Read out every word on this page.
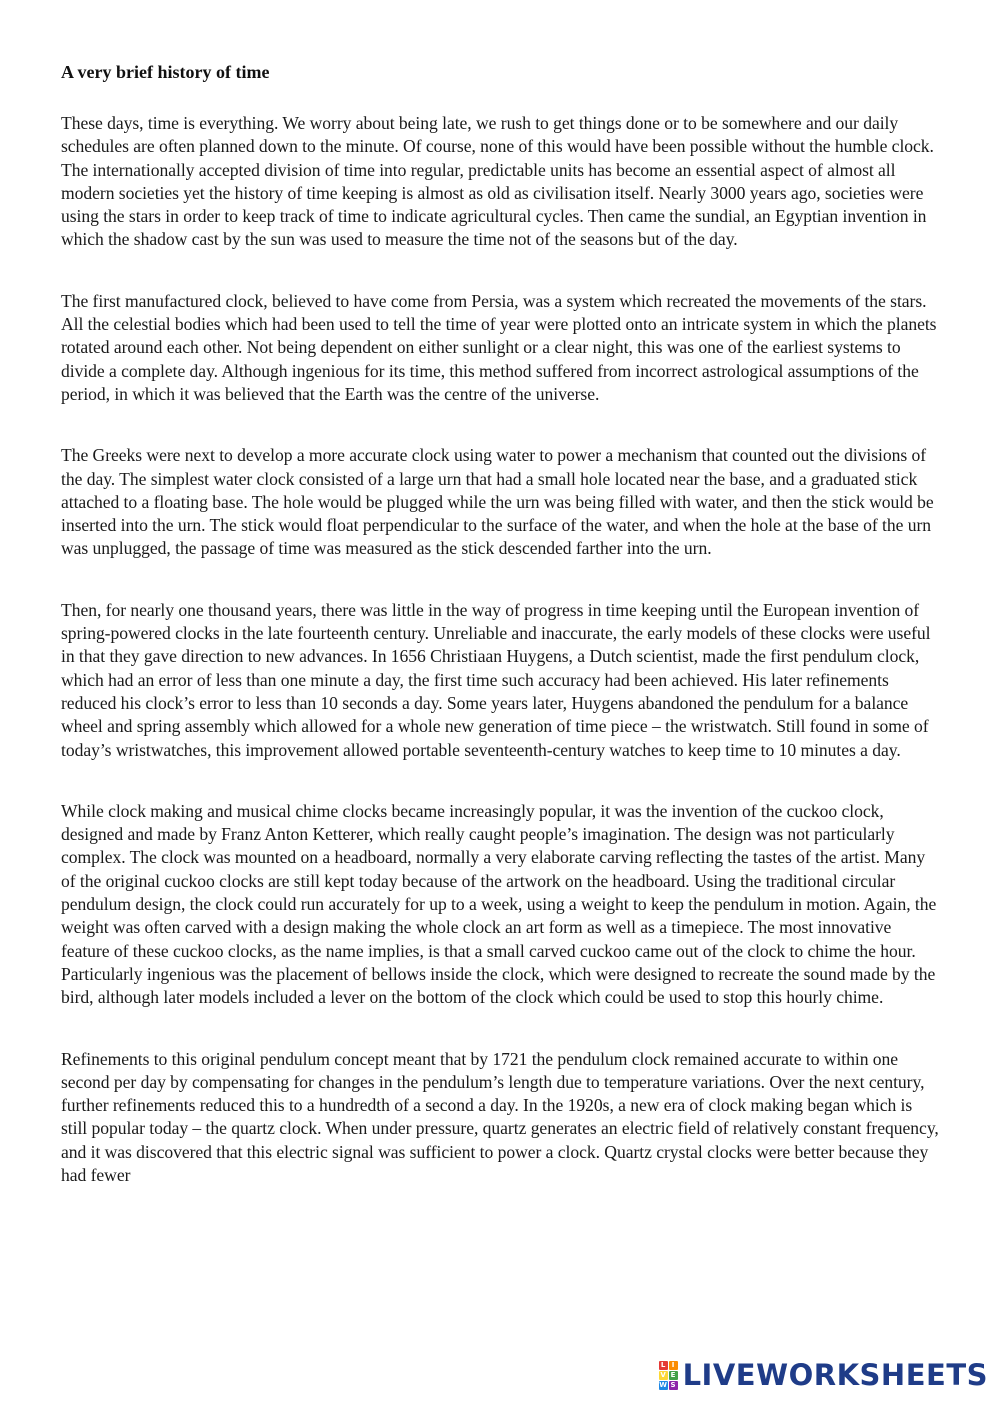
A very brief history of time

These days, time is everything. We worry about being late, we rush to get things done or to be somewhere and our daily schedules are often planned down to the minute. Of course, none of this would have been possible without the humble clock. The internationally accepted division of time into regular, predictable units has become an essential aspect of almost all modern societies yet the history of time keeping is almost as old as civilisation itself. Nearly 3000 years ago, societies were using the stars in order to keep track of time to indicate agricultural cycles. Then came the sundial, an Egyptian invention in which the shadow cast by the sun was used to measure the time not of the seasons but of the day.

The first manufactured clock, believed to have come from Persia, was a system which recreated the movements of the stars. All the celestial bodies which had been used to tell the time of year were plotted onto an intricate system in which the planets rotated around each other. Not being dependent on either sunlight or a clear night, this was one of the earliest systems to divide a complete day. Although ingenious for its time, this method suffered from incorrect astrological assumptions of the period, in which it was believed that the Earth was the centre of the universe.

The Greeks were next to develop a more accurate clock using water to power a mechanism that counted out the divisions of the day. The simplest water clock consisted of a large urn that had a small hole located near the base, and a graduated stick attached to a floating base. The hole would be plugged while the urn was being filled with water, and then the stick would be inserted into the urn. The stick would float perpendicular to the surface of the water, and when the hole at the base of the urn was unplugged, the passage of time was measured as the stick descended farther into the urn.

Then, for nearly one thousand years, there was little in the way of progress in time keeping until the European invention of spring-powered clocks in the late fourteenth century. Unreliable and inaccurate, the early models of these clocks were useful in that they gave direction to new advances. In 1656 Christiaan Huygens, a Dutch scientist, made the first pendulum clock, which had an error of less than one minute a day, the first time such accuracy had been achieved. His later refinements reduced his clock’s error to less than 10 seconds a day. Some years later, Huygens abandoned the pendulum for a balance wheel and spring assembly which allowed for a whole new generation of time piece – the wristwatch. Still found in some of today’s wristwatches, this improvement allowed portable seventeenth-century watches to keep time to 10 minutes a day.

While clock making and musical chime clocks became increasingly popular, it was the invention of the cuckoo clock, designed and made by Franz Anton Ketterer, which really caught people’s imagination. The design was not particularly complex. The clock was mounted on a headboard, normally a very elaborate carving reflecting the tastes of the artist. Many of the original cuckoo clocks are still kept today because of the artwork on the headboard. Using the traditional circular pendulum design, the clock could run accurately for up to a week, using a weight to keep the pendulum in motion. Again, the weight was often carved with a design making the whole clock an art form as well as a timepiece. The most innovative feature of these cuckoo clocks, as the name implies, is that a small carved cuckoo came out of the clock to chime the hour. Particularly ingenious was the placement of bellows inside the clock, which were designed to recreate the sound made by the bird, although later models included a lever on the bottom of the clock which could be used to stop this hourly chime.

Refinements to this original pendulum concept meant that by 1721 the pendulum clock remained accurate to within one second per day by compensating for changes in the pendulum’s length due to temperature variations. Over the next century, further refinements reduced this to a hundredth of a second a day. In the 1920s, a new era of clock making began which is still popular today – the quartz clock. When under pressure, quartz generates an electric field of relatively constant frequency, and it was discovered that this electric signal was sufficient to power a clock. Quartz crystal clocks were better because they had fewer

L I
V E
W S LIVEWORKSHEETS
